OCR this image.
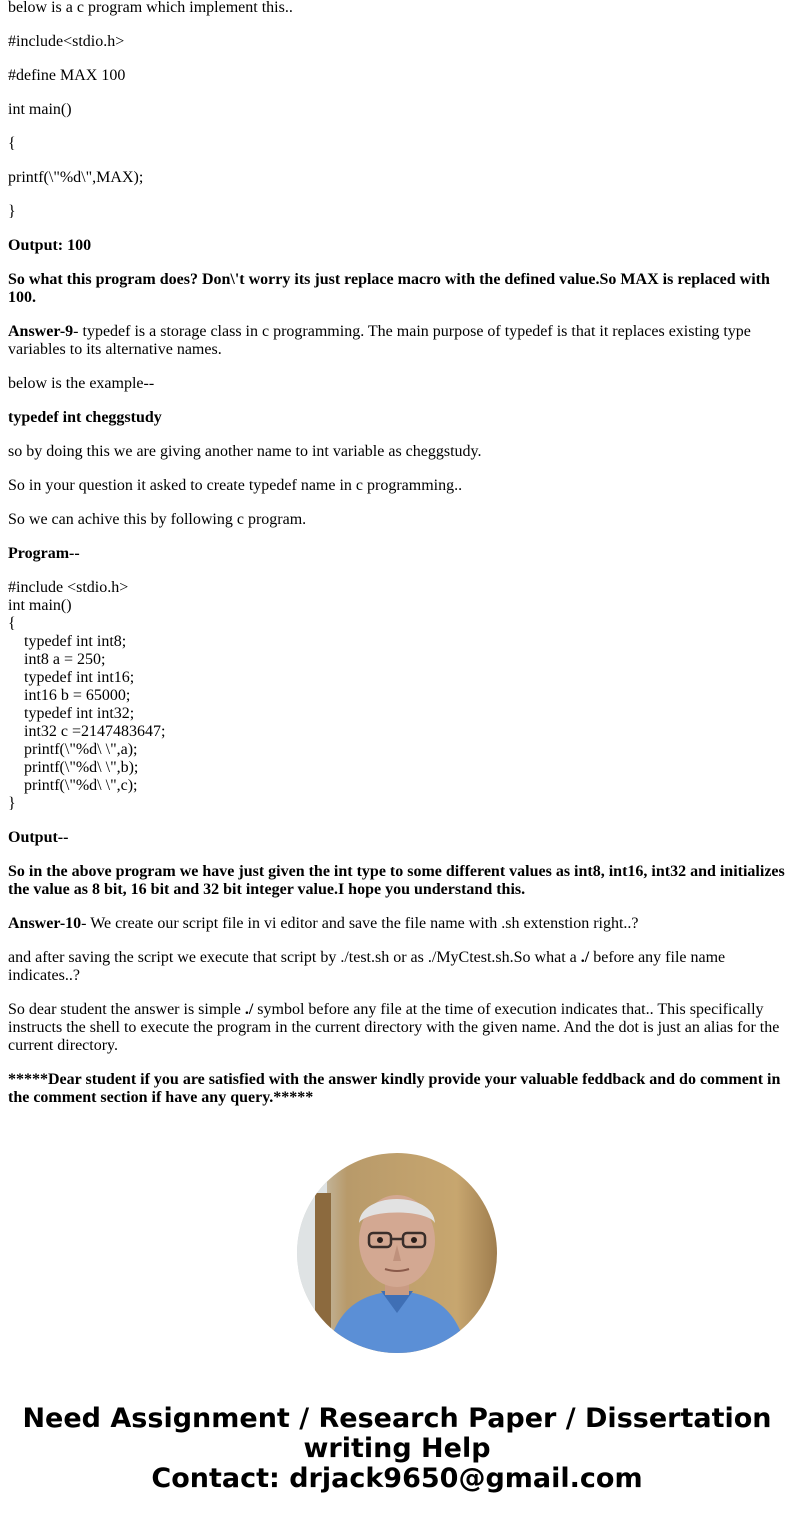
below is a c program which implement this..

#include<stdio.h>

#define MAX 100

int main()

{

printf(\"%d\",MAX);

}

Output: 100

So what this program does? Don\'t worry its just replace macro with the defined value.So MAX is replaced with 100.

Answer-9- typedef is a storage class in c programming. The main purpose of typedef is that it replaces existing type variables to its alternative names.

below is the example--

typedef int cheggstudy

so by doing this we are giving another name to int variable as cheggstudy.

So in your question it asked to create typedef name in c programming..

So we can achive this by following c program.

Program--

#include <stdio.h>
int main()
{
typedef int int8;
int8 a = 250;
typedef int int16;
int16 b = 65000;
typedef int int32;
int32 c =2147483647;
printf(\"%d\ \",a);
printf(\"%d\ \",b);
printf(\"%d\ \",c);
}

Output--

So in the above program we have just given the int type to some different values as int8, int16, int32 and initializes the value as 8 bit, 16 bit and 32 bit integer value.I hope you understand this.

Answer-10- We create our script file in vi editor and save the file name with .sh extenstion right..?

and after saving the script we execute that script by ./test.sh or as ./MyCtest.sh.So what a ./ before any file name indicates..?

So dear student the answer is simple ./ symbol before any file at the time of execution indicates that.. This specifically instructs the shell to execute the program in the current directory with the given name. And the dot is just an alias for the current directory.

*****Dear student if you are satisfied with the answer kindly provide your valuable feddback and do comment in the comment section if have any query.*****

Need Assignment / Research Paper / Dissertation
writing Help
Contact: drjack9650@gmail.com
